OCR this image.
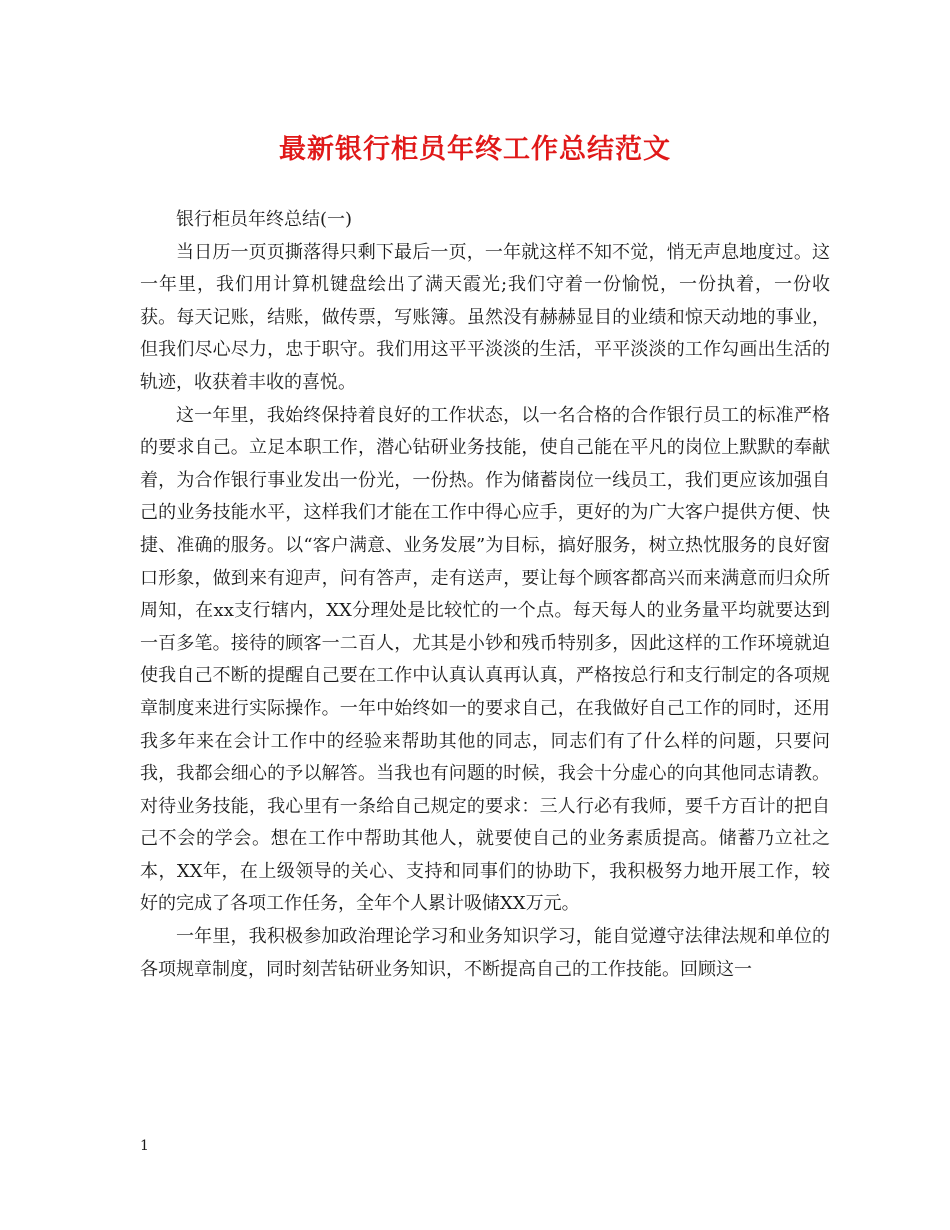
最新银行柜员年终工作总结范文

银行柜员年终总结(一)

当日历一页页撕落得只剩下最后一页，一年就这样不知不觉，悄无声息地度过。这一年里，我们用计算机键盘绘出了满天霞光;我们守着一份愉悦，一份执着，一份收获。每天记账，结账，做传票，写账簿。虽然没有赫赫显目的业绩和惊天动地的事业，但我们尽心尽力，忠于职守。我们用这平平淡淡的生活，平平淡淡的工作勾画出生活的轨迹，收获着丰收的喜悦。

这一年里，我始终保持着良好的工作状态，以一名合格的合作银行员工的标准严格的要求自己。立足本职工作，潜心钻研业务技能，使自己能在平凡的岗位上默默的奉献着，为合作银行事业发出一份光，一份热。作为储蓄岗位一线员工，我们更应该加强自己的业务技能水平，这样我们才能在工作中得心应手，更好的为广大客户提供方便、快捷、准确的服务。以“客户满意、业务发展”为目标，搞好服务，树立热忱服务的良好窗口形象，做到来有迎声，问有答声，走有送声，要让每个顾客都高兴而来满意而归众所周知，在xx支行辖内，XX分理处是比较忙的一个点。每天每人的业务量平均就要达到一百多笔。接待的顾客一二百人，尤其是小钞和残币特别多，因此这样的工作环境就迫使我自己不断的提醒自己要在工作中认真认真再认真，严格按总行和支行制定的各项规章制度来进行实际操作。一年中始终如一的要求自己，在我做好自己工作的同时，还用我多年来在会计工作中的经验来帮助其他的同志，同志们有了什么样的问题，只要问我，我都会细心的予以解答。当我也有问题的时候，我会十分虚心的向其他同志请教。对待业务技能，我心里有一条给自己规定的要求：三人行必有我师，要千方百计的把自己不会的学会。想在工作中帮助其他人，就要使自己的业务素质提高。储蓄乃立社之本，XX年，在上级领导的关心、支持和同事们的协助下，我积极努力地开展工作，较好的完成了各项工作任务，全年个人累计吸储XX万元。

一年里，我积极参加政治理论学习和业务知识学习，能自觉遵守法律法规和单位的各项规章制度，同时刻苦钻研业务知识，不断提高自己的工作技能。回顾这一

1
